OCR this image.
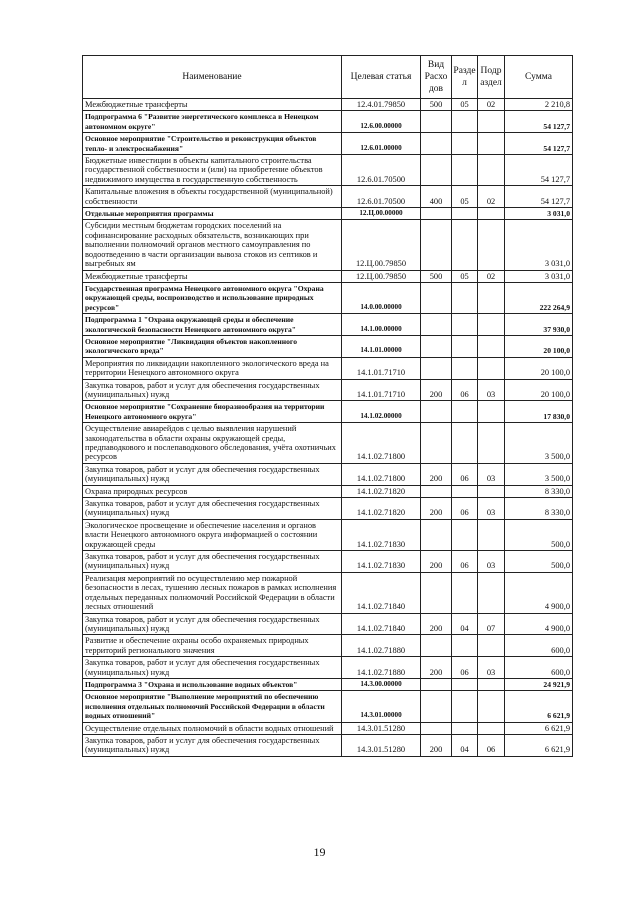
Наименование	Целевая статья	Вид Расхо дов	Разде л	Подр аздел	Сумма
Межбюджетные трансферты	12.4.01.79850	500	05	02	2 210,8
Подпрограмма 6 "Развитие энергетического комплекса в Ненецком автономном округе"	12.6.00.00000				54 127,7
Основное мероприятие "Строительство и реконструкция объектов тепло- и электроснабжения"	12.6.01.00000				54 127,7
Бюджетные инвестиции в объекты капитального строительства государственной собственности и (или) на приобретение объектов недвижимого имущества в государственную собственность	12.6.01.70500				54 127,7
Капитальные вложения в объекты государственной (муниципальной) собственности	12.6.01.70500	400	05	02	54 127,7
Отдельные мероприятия программы	12.Ц.00.00000				3 031,0
Субсидии местным бюджетам городских поселений на софинансирование расходных обязательств, возникающих при выполнении полномочий органов местного самоуправления по водоотведению в части организации вывоза стоков из септиков и выгребных ям	12.Ц.00.79850				3 031,0
Межбюджетные трансферты	12.Ц.00.79850	500	05	02	3 031,0
Государственная программа Ненецкого автономного округа "Охрана окружающей среды, воспроизводство и использование природных ресурсов"	14.0.00.00000				222 264,9
Подпрограмма 1 "Охрана окружающей среды и обеспечение экологической безопасности Ненецкого автономного округа"	14.1.00.00000				37 930,0
Основное мероприятие "Ликвидация объектов накопленного экологического вреда"	14.1.01.00000				20 100,0
Мероприятия по ликвидации накопленного экологического вреда на территории Ненецкого автономного округа	14.1.01.71710				20 100,0
Закупка товаров, работ и услуг для обеспечения государственных (муниципальных) нужд	14.1.01.71710	200	06	03	20 100,0
Основное мероприятие "Сохранение биоразнообразия на территории Ненецкого автономного округа"	14.1.02.00000				17 830,0
Осуществление авиарейдов с целью выявления нарушений законодательства в области охраны окружающей среды, предпаводкового и послепаводкового обследования, учёта охотничьих ресурсов	14.1.02.71800				3 500,0
Закупка товаров, работ и услуг для обеспечения государственных (муниципальных) нужд	14.1.02.71800	200	06	03	3 500,0
Охрана природных ресурсов	14.1.02.71820				8 330,0
Закупка товаров, работ и услуг для обеспечения государственных (муниципальных) нужд	14.1.02.71820	200	06	03	8 330,0
Экологическое просвещение и обеспечение населения и органов власти Ненецкого автономного округа информацией о состоянии окружающей среды	14.1.02.71830				500,0
Закупка товаров, работ и услуг для обеспечения государственных (муниципальных) нужд	14.1.02.71830	200	06	03	500,0
Реализация мероприятий по осуществлению мер пожарной безопасности в лесах, тушению лесных пожаров в рамках исполнения отдельных переданных полномочий Российской Федерации в области лесных отношений	14.1.02.71840				4 900,0
Закупка товаров, работ и услуг для обеспечения государственных (муниципальных) нужд	14.1.02.71840	200	04	07	4 900,0
Развитие и обеспечение охраны особо охраняемых природных территорий регионального значения	14.1.02.71880				600,0
Закупка товаров, работ и услуг для обеспечения государственных (муниципальных) нужд	14.1.02.71880	200	06	03	600,0
Подпрограмма 3 "Охрана и использование водных объектов"	14.3.00.00000				24 921,9
Основное мероприятие "Выполнение мероприятий по обеспечению исполнения отдельных полномочий Российской Федерации в области водных отношений"	14.3.01.00000				6 621,9
Осуществление отдельных полномочий в области водных отношений	14.3.01.51280				6 621,9
Закупка товаров, работ и услуг для обеспечения государственных (муниципальных) нужд	14.3.01.51280	200	04	06	6 621,9
19
